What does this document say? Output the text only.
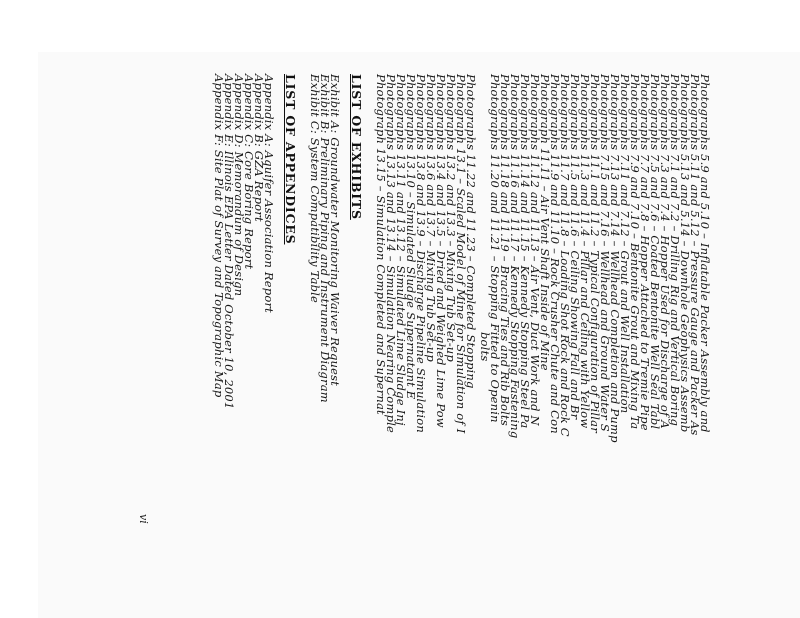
Photographs 5.9 and 5.10 – Inflatable Packer Assembly and
Photographs 5.11 and 5.12 – Pressure Gauge and Packer As
Photographs 5.13 and 5.14 – Downhole Geophysics Assemb
Photographs 7.1 and 7.2 – Drilling Rig and Vertical Boring
Photographs 7.3 and 7.4 – Hopper Used for Discharge of A
Photographs 7.5 and 7.6 – Coated Bentonite Well Seal Tabl
Photographs 7.7 and 7.8 – Hopper Attached to Tremie Pipe
Photographs 7.9 and 7.10 – Bentonite Grout and Mixing Ta
Photographs 7.11 and 7.12 – Grout and Well Installation
Photographs 7.13 and 7.14 – Wellhead Completion and Pump
Photographs 7.15 and 7.16 – Wellhead and Ground Water S
Photographs 11.1 and 11.2 – Typical Configuration of Pillar
Photographs 11.3 and 11.4 – Pillar and Ceiling with Yellow
Photographs 11.5 and 11.6 – Ceiling Showing Fall and Br
Photographs 11.7 and 11.8 – Loading Shot Rock and Rock C
Photographs 11.9 and 11.10 – Rock Crusher Chute and Con
Photograph 11.11 – Air Vent Shaft Inside of Mine
Photographs 11.12 and 11.13 – Air Vent, Duct Work and N
Photographs 11.14 and 11.15 – Kennedy Stopping Steel Pa
Photographs 11.16 and 11.17 – Kennedy Stopping Fastening
Photographs 11.18 and 11.19 – Bracing Ties and Rib Bolts
Photographs 11.20 and 11.21 – Stopping Fitted to Openin
bolts
Photographs 11.22 and 11.23 – Completed Stopping
Photograph 13.1 – Scaled Model of Mine for Simulation of I
Photographs 13.2 and 13.3 – Mixing Tub Set-up
Photographs 13.4 and 13.5 – Dried and Weighed Lime Pow
Photographs 13.6 and 13.7 – Mixing Tub Set-up
Photographs 13.8 and 13.9 – Discharge Pipeline Simulation
Photographs 13.10 – Simulated Sludge Supernatant E
Photographs 13.11 and 13.12 – Simulated Lime Sludge Inj
Photographs 13.13 and 13.14 – Simulation Nearing Comple
Photograph 13.15 – Simulation Completed and Supernat
LIST OF EXHIBITS
Exhibit A: Groundwater Monitoring Waiver Request
Exhibit B: Preliminary Piping and Instrument Diagram
Exhibit C: System Compatibility Table
LIST OF APPENDICES
Appendix A: Aquifer Association Report
Appendix B: GZA Report
Appendix C: Core Boring Report
Appendix D: Memorandum of Design
Appendix E: Illinois EPA Letter Dated October 10, 2001
Appendix F: Site Plat of Survey and Topographic Map
vi
